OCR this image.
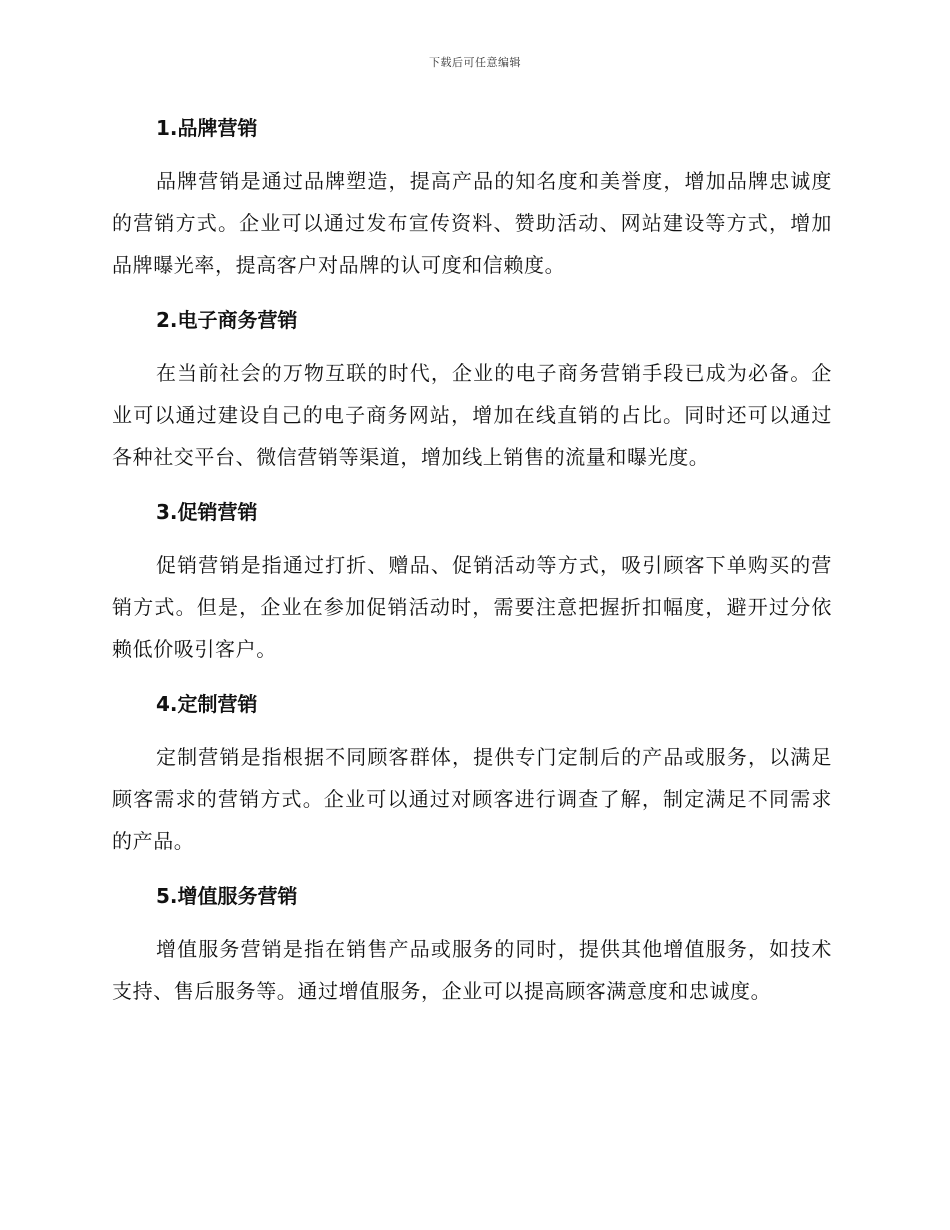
下载后可任意编辑
1.品牌营销

品牌营销是通过品牌塑造，提高产品的知名度和美誉度，增加品牌忠诚度的营销方式。企业可以通过发布宣传资料、赞助活动、网站建设等方式，增加品牌曝光率，提高客户对品牌的认可度和信赖度。

2.电子商务营销

在当前社会的万物互联的时代，企业的电子商务营销手段已成为必备。企业可以通过建设自己的电子商务网站，增加在线直销的占比。同时还可以通过各种社交平台、微信营销等渠道，增加线上销售的流量和曝光度。

3.促销营销

促销营销是指通过打折、赠品、促销活动等方式，吸引顾客下单购买的营销方式。但是，企业在参加促销活动时，需要注意把握折扣幅度，避开过分依赖低价吸引客户。

4.定制营销

定制营销是指根据不同顾客群体，提供专门定制后的产品或服务，以满足顾客需求的营销方式。企业可以通过对顾客进行调查了解，制定满足不同需求的产品。

5.增值服务营销

增值服务营销是指在销售产品或服务的同时，提供其他增值服务，如技术支持、售后服务等。通过增值服务，企业可以提高顾客满意度和忠诚度。
